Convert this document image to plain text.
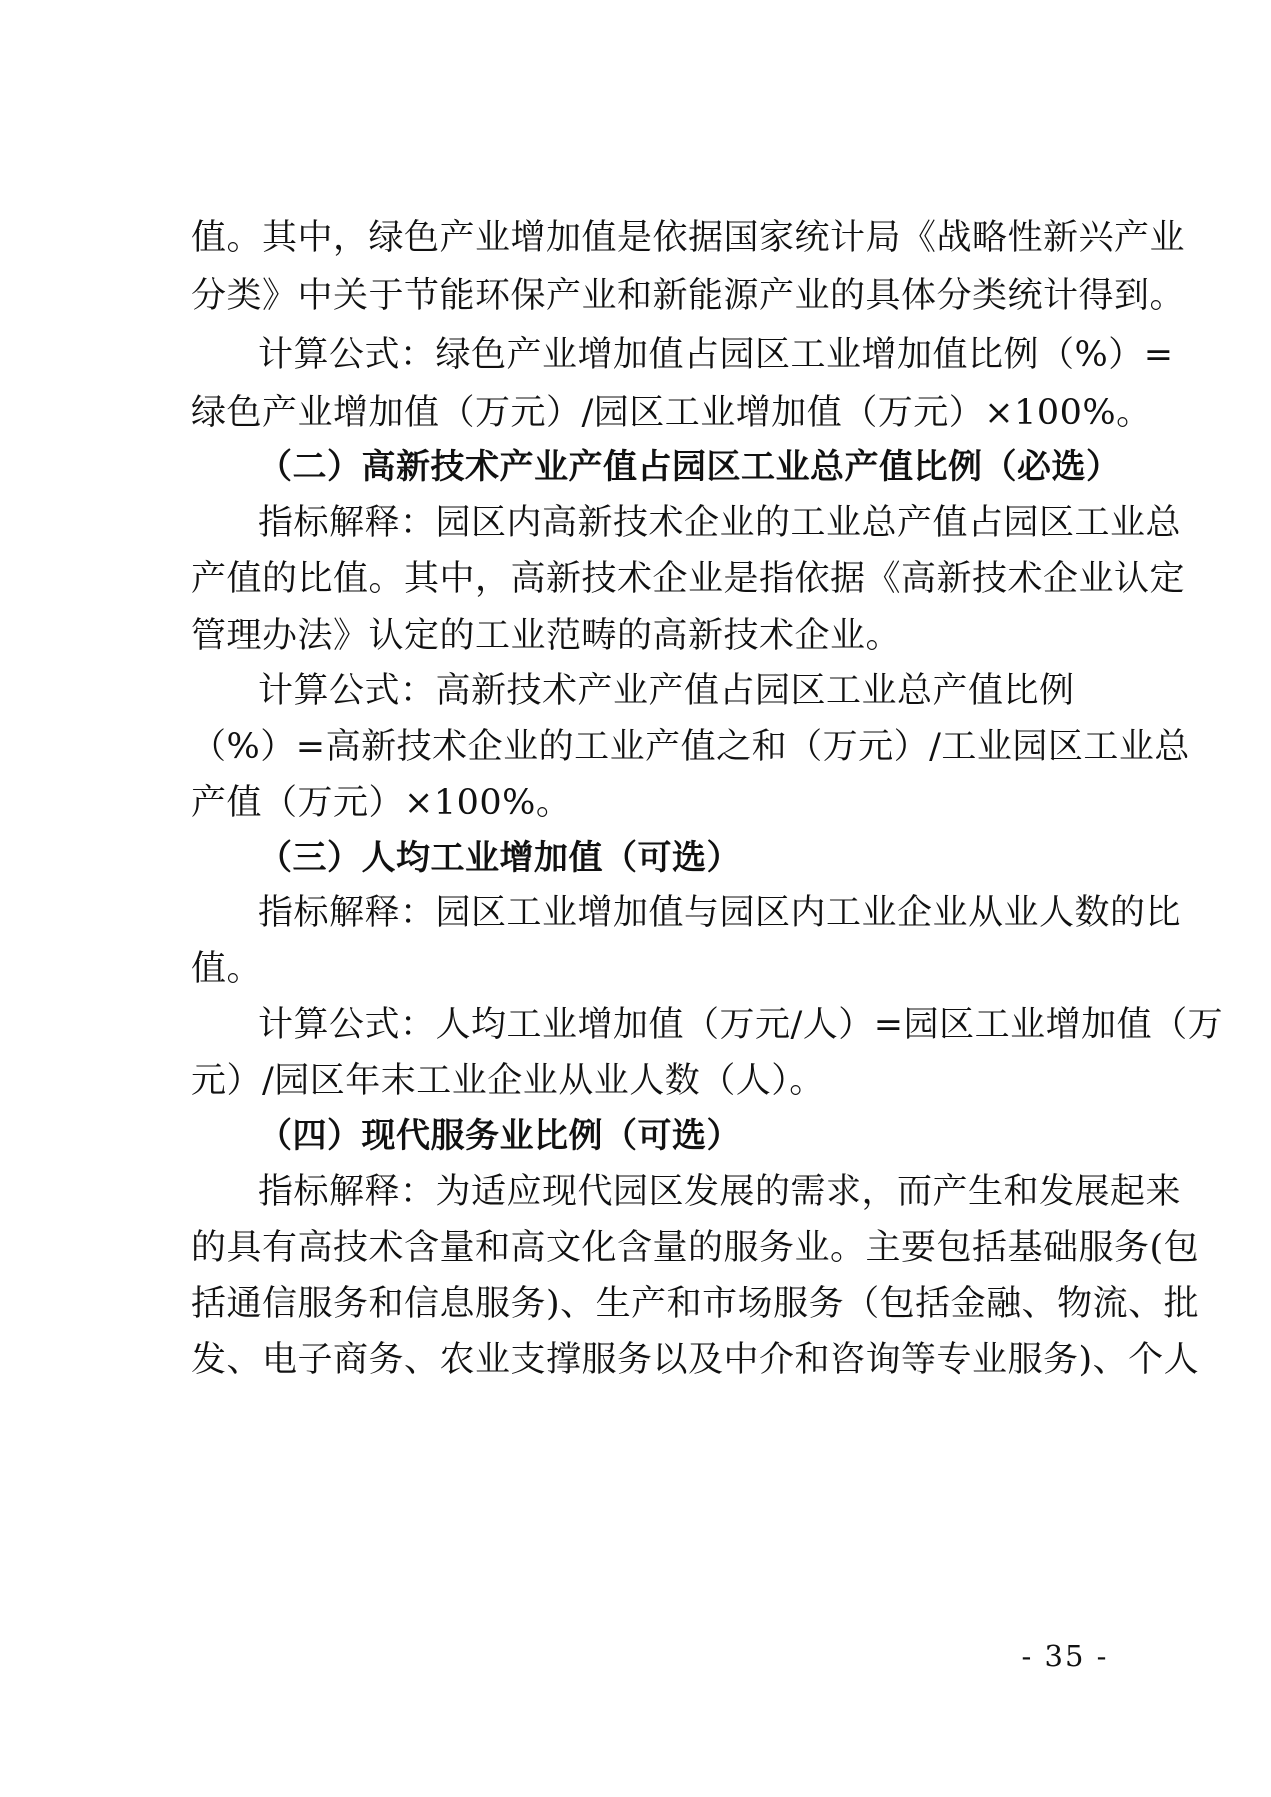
值。其中，绿色产业增加值是依据国家统计局《战略性新兴产业
分类》中关于节能环保产业和新能源产业的具体分类统计得到。
计算公式：绿色产业增加值占园区工业增加值比例（%）=
绿色产业增加值（万元）/园区工业增加值（万元）×100%。
（二）高新技术产业产值占园区工业总产值比例（必选）
指标解释：园区内高新技术企业的工业总产值占园区工业总
产值的比值。其中，高新技术企业是指依据《高新技术企业认定
管理办法》认定的工业范畴的高新技术企业。
计算公式：高新技术产业产值占园区工业总产值比例
（%）=高新技术企业的工业产值之和（万元）/工业园区工业总
产值（万元）×100%。
（三）人均工业增加值（可选）
指标解释：园区工业增加值与园区内工业企业从业人数的比
值。
计算公式：人均工业增加值（万元/人）=园区工业增加值（万
元）/园区年末工业企业从业人数（人）。
（四）现代服务业比例（可选）
指标解释：为适应现代园区发展的需求，而产生和发展起来
的具有高技术含量和高文化含量的服务业。主要包括基础服务(包
括通信服务和信息服务)、生产和市场服务（包括金融、物流、批
发、电子商务、农业支撑服务以及中介和咨询等专业服务)、个人
- 35 -
